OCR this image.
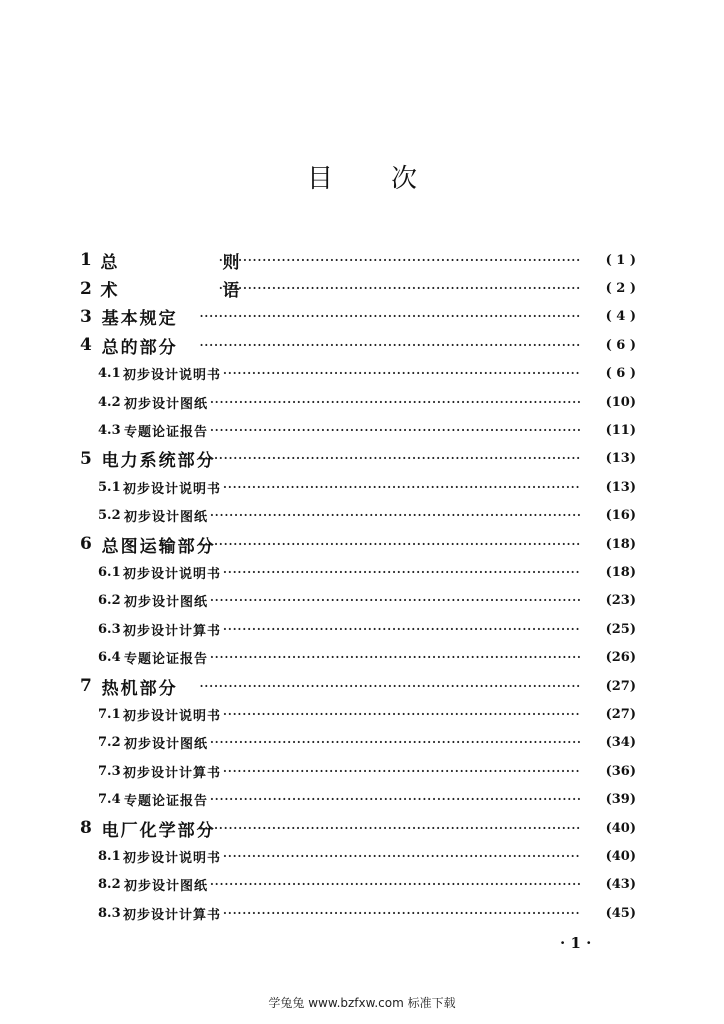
目 次
1 总　则 ·····	( 1 )
2 术　语 ·····	( 2 )
3 基本规定 ·····	( 4 )
4 总的部分 ·····	( 6 )
4.1 初步设计说明书 ·····	( 6 )
4.2 初步设计图纸 ·····	(10)
4.3 专题论证报告 ·····	(11)
5 电力系统部分 ·····	(13)
5.1 初步设计说明书 ·····	(13)
5.2 初步设计图纸 ·····	(16)
6 总图运输部分 ·····	(18)
6.1 初步设计说明书 ·····	(18)
6.2 初步设计图纸 ·····	(23)
6.3 初步设计计算书 ·····	(25)
6.4 专题论证报告 ·····	(26)
7 热机部分 ·····	(27)
7.1 初步设计说明书 ·····	(27)
7.2 初步设计图纸 ·····	(34)
7.3 初步设计计算书 ·····	(36)
7.4 专题论证报告 ·····	(39)
8 电厂化学部分 ·····	(40)
8.1 初步设计说明书 ·····	(40)
8.2 初步设计图纸 ·····	(43)
8.3 初步设计计算书 ·····	(45)
· 1 ·
学兔兔 www.bzfxw.com 标准下载
